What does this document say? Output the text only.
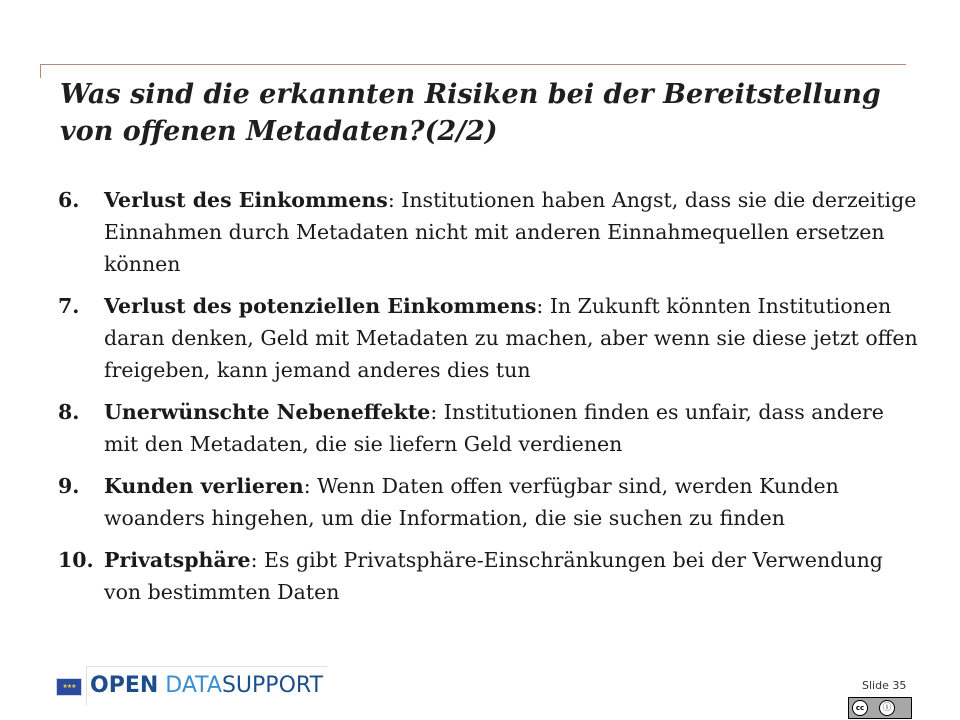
Was sind die erkannten Risiken bei der Bereitstellung von offenen Metadaten?(2/2)
6. Verlust des Einkommens: Institutionen haben Angst, dass sie die derzeitige Einnahmen durch Metadaten nicht mit anderen Einnahmequellen ersetzen können
7. Verlust des potenziellen Einkommens: In Zukunft könnten Institutionen daran denken, Geld mit Metadaten zu machen, aber wenn sie diese jetzt offen freigeben, kann jemand anderes dies tun
8. Unerwünschte Nebeneffekte: Institutionen finden es unfair, dass andere mit den Metadaten, die sie liefern Geld verdienen
9. Kunden verlieren: Wenn Daten offen verfügbar sind, werden Kunden woanders hingehen, um die Information, die sie suchen zu finden
10. Privatsphäre: Es gibt Privatsphäre-Einschränkungen bei der Verwendung von bestimmten Daten
★★★ OPEN DATASUPPORT	Slide 35
cc	ⓘ
